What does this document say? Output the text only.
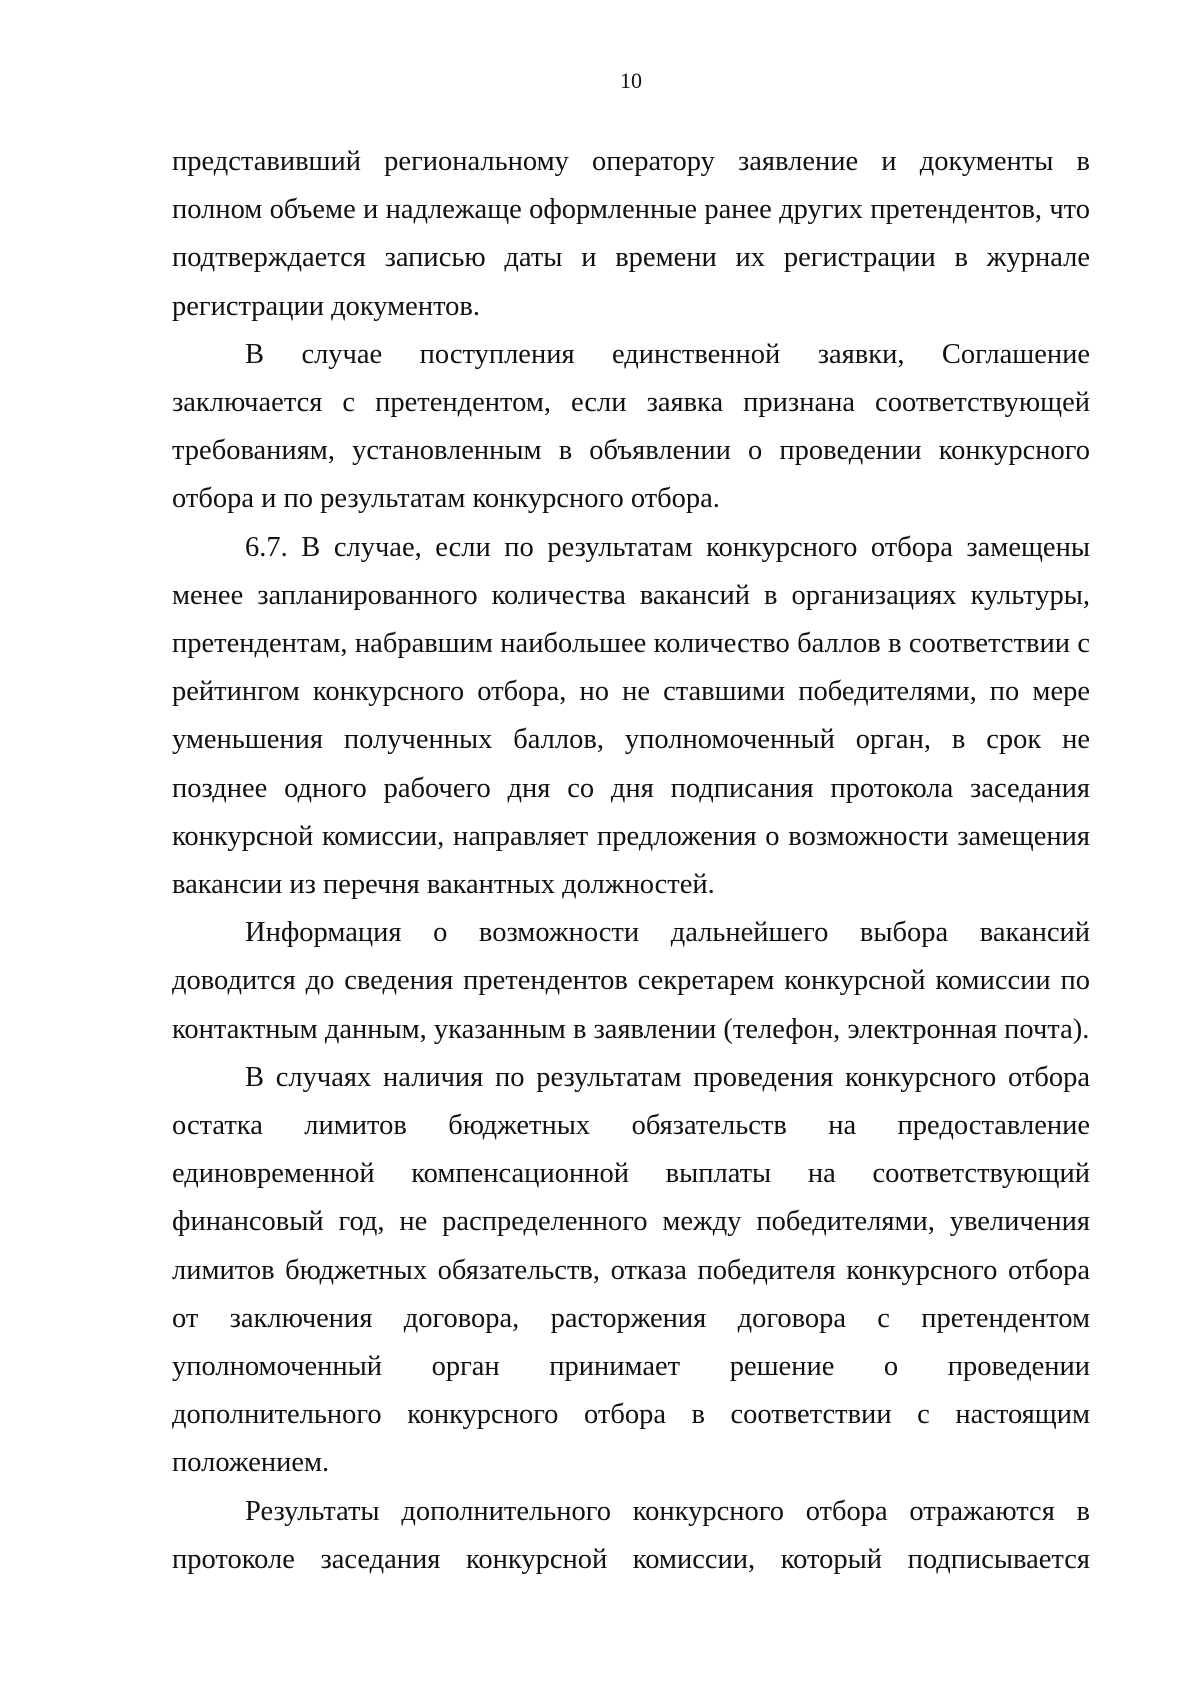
10

представивший региональному оператору заявление и документы в полном объеме и надлежаще оформленные ранее других претендентов, что подтверждается записью даты и времени их регистрации в журнале регистрации документов.

В случае поступления единственной заявки, Соглашение заключается с претендентом, если заявка признана соответствующей требованиям, установленным в объявлении о проведении конкурсного отбора и по результатам конкурсного отбора.

6.7. В случае, если по результатам конкурсного отбора замещены менее запланированного количества вакансий в организациях культуры, претендентам, набравшим наибольшее количество баллов в соответствии с рейтингом конкурсного отбора, но не ставшими победителями, по мере уменьшения полученных баллов, уполномоченный орган, в срок не позднее одного рабочего дня со дня подписания протокола заседания конкурсной комиссии, направляет предложения о возможности замещения вакансии из перечня вакантных должностей.

Информация о возможности дальнейшего выбора вакансий доводится до сведения претендентов секретарем конкурсной комиссии по контактным данным, указанным в заявлении (телефон, электронная почта).

В случаях наличия по результатам проведения конкурсного отбора остатка лимитов бюджетных обязательств на предоставление единовременной компенсационной выплаты на соответствующий финансовый год, не распределенного между победителями, увеличения лимитов бюджетных обязательств, отказа победителя конкурсного отбора от заключения договора, расторжения договора с претендентом уполномоченный орган принимает решение о проведении дополнительного конкурсного отбора в соответствии с настоящим положением.

Результаты дополнительного конкурсного отбора отражаются в протоколе заседания конкурсной комиссии, который подписывается
